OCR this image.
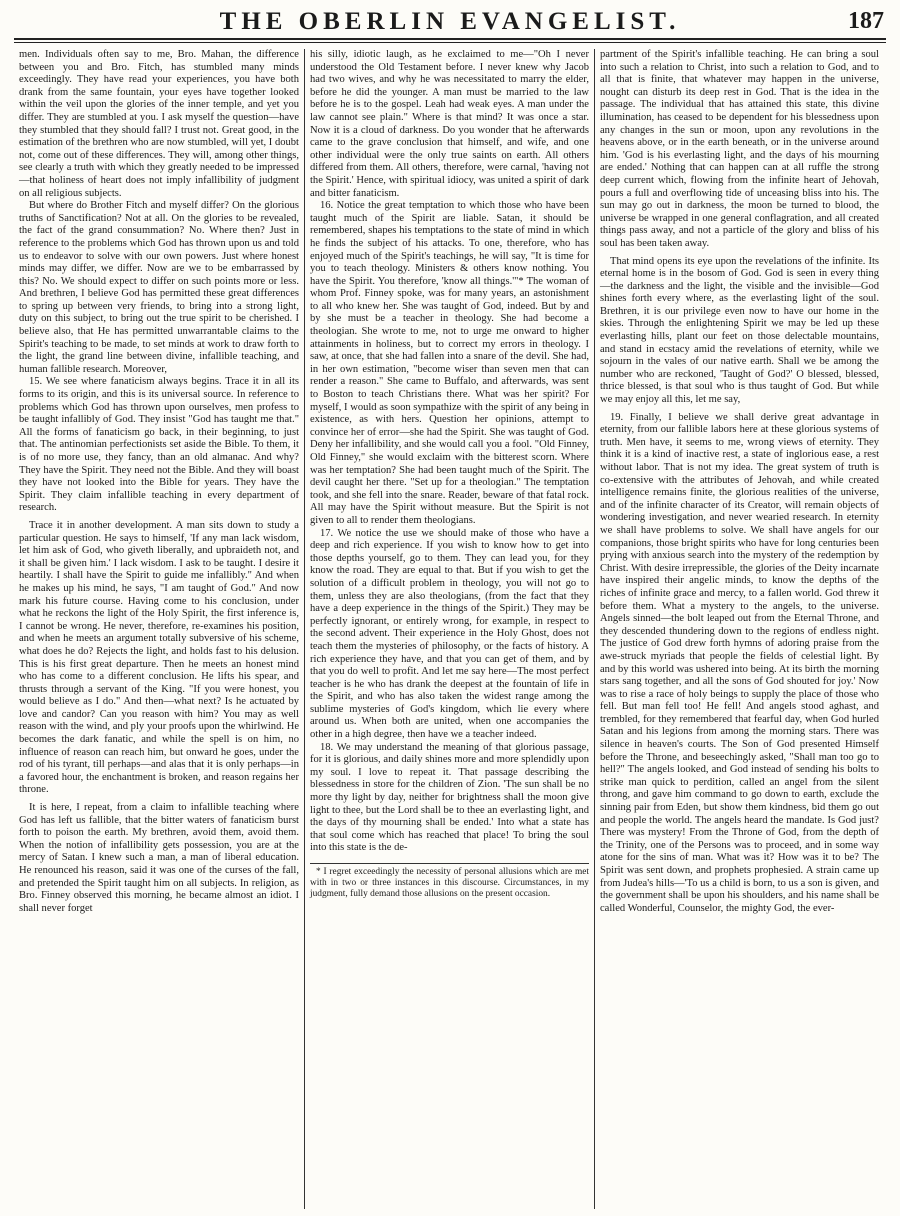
THE OBERLIN EVANGELIST.	187

men. Individuals often say to me, Bro. Mahan, the difference between you and Bro. Fitch, has stumbled many minds exceedingly. They have read your experiences, you have both drank from the same fountain, your eyes have together looked within the veil upon the glories of the inner temple, and yet you differ. They are stumbled at you. I ask myself the question—have they stumbled that they should fall? I trust not. Great good, in the estimation of the brethren who are now stumbled, will yet, I doubt not, come out of these differences. They will, among other things, see clearly a truth with which they greatly needed to be impressed—that holiness of heart does not imply infallibility of judgment on all religious subjects.

But where do Brother Fitch and myself differ? On the glorious truths of Sanctification? Not at all. On the glories to be revealed, the fact of the grand consummation? No. Where then? Just in reference to the problems which God has thrown upon us and told us to endeavor to solve with our own powers. Just where honest minds may differ, we differ. Now are we to be embarrassed by this? No. We should expect to differ on such points more or less. And brethren, I believe God has permitted these great differences to spring up between very friends, to bring into a strong light, duty on this subject, to bring out the true spirit to be cherished. I believe also, that He has permitted unwarrantable claims to the Spirit's teaching to be made, to set minds at work to draw forth to the light, the grand line between divine, infallible teaching, and human fallible research. Moreover,

15. We see where fanaticism always begins. Trace it in all its forms to its origin, and this is its universal source. In reference to problems which God has thrown upon ourselves, men profess to be taught infallibly of God. They insist "God has taught me that." All the forms of fanaticism go back, in their beginning, to just that. The antinomian perfectionists set aside the Bible. To them, it is of no more use, they fancy, than an old almanac. And why? They have the Spirit. They need not the Bible. And they will boast they have not looked into the Bible for years. They have the Spirit. They claim infallible teaching in every department of research.

Trace it in another development. A man sits down to study a particular question. He says to himself, 'If any man lack wisdom, let him ask of God, who giveth liberally, and upbraideth not, and it shall be given him.' I lack wisdom. I ask to be taught. I desire it heartily. I shall have the Spirit to guide me infallibly." And when he makes up his mind, he says, "I am taught of God." And now mark his future course. Having come to his conclusion, under what he reckons the light of the Holy Spirit, the first inference is, I cannot be wrong. He never, therefore, re-examines his position, and when he meets an argument totally subversive of his scheme, what does he do? Rejects the light, and holds fast to his delusion. This is his first great departure. Then he meets an honest mind who has come to a different conclusion. He lifts his spear, and thrusts through a servant of the King. "If you were honest, you would believe as I do." And then—what next? Is he actuated by love and candor? Can you reason with him? You may as well reason with the wind, and ply your proofs upon the whirlwind. He becomes the dark fanatic, and while the spell is on him, no influence of reason can reach him, but onward he goes, under the rod of his tyrant, till perhaps—and alas that it is only perhaps—in a favored hour, the enchantment is broken, and reason regains her throne.

It is here, I repeat, from a claim to infallible teaching where God has left us fallible, that the bitter waters of fanaticism burst forth to poison the earth. My brethren, avoid them, avoid them. When the notion of infallibility gets possession, you are at the mercy of Satan. I knew such a man, a man of liberal education. He renounced his reason, said it was one of the curses of the fall, and pretended the Spirit taught him on all subjects. In religion, as Bro. Finney observed this morning, he became almost an idiot. I shall never forget

his silly, idiotic laugh, as he exclaimed to me—"Oh I never understood the Old Testament before. I never knew why Jacob had two wives, and why he was necessitated to marry the elder, before he did the younger. A man must be married to the law before he is to the gospel. Leah had weak eyes. A man under the law cannot see plain." Where is that mind? It was once a star. Now it is a cloud of darkness. Do you wonder that he afterwards came to the grave conclusion that himself, and wife, and one other individual were the only true saints on earth. All others differed from them. All others, therefore, were carnal, 'having not the Spirit.' Hence, with spiritual idiocy, was united a spirit of dark and bitter fanaticism.

16. Notice the great temptation to which those who have been taught much of the Spirit are liable. Satan, it should be remembered, shapes his temptations to the state of mind in which he finds the subject of his attacks. To one, therefore, who has enjoyed much of the Spirit's teachings, he will say, "It is time for you to teach theology. Ministers & others know nothing. You have the Spirit. You therefore, 'know all things.'"* The woman of whom Prof. Finney spoke, was for many years, an astonishment to all who knew her. She was taught of God, indeed. But by and by she must be a teacher in theology. She had become a theologian. She wrote to me, not to urge me onward to higher attainments in holiness, but to correct my errors in theology. I saw, at once, that she had fallen into a snare of the devil. She had, in her own estimation, "become wiser than seven men that can render a reason." She came to Buffalo, and afterwards, was sent to Boston to teach Christians there. What was her spirit? For myself, I would as soon sympathize with the spirit of any being in existence, as with hers. Question her opinions, attempt to convince her of error—she had the Spirit. She was taught of God. Deny her infallibility, and she would call you a fool. "Old Finney, Old Finney," she would exclaim with the bitterest scorn. Where was her temptation? She had been taught much of the Spirit. The devil caught her there. "Set up for a theologian." The temptation took, and she fell into the snare. Reader, beware of that fatal rock. All may have the Spirit without measure. But the Spirit is not given to all to render them theologians.

17. We notice the use we should make of those who have a deep and rich experience. If you wish to know how to get into those depths yourself, go to them. They can lead you, for they know the road. They are equal to that. But if you wish to get the solution of a difficult problem in theology, you will not go to them, unless they are also theologians, (from the fact that they have a deep experience in the things of the Spirit.) They may be perfectly ignorant, or entirely wrong, for example, in respect to the second advent. Their experience in the Holy Ghost, does not teach them the mysteries of philosophy, or the facts of history. A rich experience they have, and that you can get of them, and by that you do well to profit. And let me say here—The most perfect teacher is he who has drank the deepest at the fountain of life in the Spirit, and who has also taken the widest range among the sublime mysteries of God's kingdom, which lie every where around us. When both are united, when one accompanies the other in a high degree, then have we a teacher indeed.

18. We may understand the meaning of that glorious passage, for it is glorious, and daily shines more and more splendidly upon my soul. I love to repeat it. That passage describing the blessedness in store for the children of Zion. 'The sun shall be no more thy light by day, neither for brightness shall the moon give light to thee, but the Lord shall be to thee an everlasting light, and the days of thy mourning shall be ended.' Into what a state has that soul come which has reached that place! To bring the soul into this state is the de-

* I regret exceedingly the necessity of personal allusions which are met with in two or three instances in this discourse. Circumstances, in my judgment, fully demand those allusions on the present occasion.

partment of the Spirit's infallible teaching. He can bring a soul into such a relation to Christ, into such a relation to God, and to all that is finite, that whatever may happen in the universe, nought can disturb its deep rest in God. That is the idea in the passage. The individual that has attained this state, this divine illumination, has ceased to be dependent for his blessedness upon any changes in the sun or moon, upon any revolutions in the heavens above, or in the earth beneath, or in the universe around him. 'God is his everlasting light, and the days of his mourning are ended.' Nothing that can happen can at all ruffle the strong deep current which, flowing from the infinite heart of Jehovah, pours a full and overflowing tide of unceasing bliss into his. The sun may go out in darkness, the moon be turned to blood, the universe be wrapped in one general conflagration, and all created things pass away, and not a particle of the glory and bliss of his soul has been taken away.

That mind opens its eye upon the revelations of the infinite. Its eternal home is in the bosom of God. God is seen in every thing—the darkness and the light, the visible and the invisible—God shines forth every where, as the everlasting light of the soul. Brethren, it is our privilege even now to have our home in the skies. Through the enlightening Spirit we may be led up these everlasting hills, plant our feet on those delectable mountains, and stand in ecstacy amid the revelations of eternity, while we sojourn in the vales of our native earth. Shall we be among the number who are reckoned, 'Taught of God?' O blessed, blessed, thrice blessed, is that soul who is thus taught of God. But while we may enjoy all this, let me say,

19. Finally, I believe we shall derive great advantage in eternity, from our fallible labors here at these glorious systems of truth. Men have, it seems to me, wrong views of eternity. They think it is a kind of inactive rest, a state of inglorious ease, a rest without labor. That is not my idea. The great system of truth is co-extensive with the attributes of Jehovah, and while created intelligence remains finite, the glorious realities of the universe, and of the infinite character of its Creator, will remain objects of wondering investigation, and never wearied research. In eternity we shall have problems to solve. We shall have angels for our companions, those bright spirits who have for long centuries been prying with anxious search into the mystery of the redemption by Christ. With desire irrepressible, the glories of the Deity incarnate have inspired their angelic minds, to know the depths of the riches of infinite grace and mercy, to a fallen world. God threw it before them. What a mystery to the angels, to the universe. Angels sinned—the bolt leaped out from the Eternal Throne, and they descended thundering down to the regions of endless night. The justice of God drew forth hymns of adoring praise from the awe-struck myriads that people the fields of celestial light. By and by this world was ushered into being. At its birth the morning stars sang together, and all the sons of God shouted for joy.' Now was to rise a race of holy beings to supply the place of those who fell. But man fell too! He fell! And angels stood aghast, and trembled, for they remembered that fearful day, when God hurled Satan and his legions from among the morning stars. There was silence in heaven's courts. The Son of God presented Himself before the Throne, and beseechingly asked, "Shall man too go to hell?" The angels looked, and God instead of sending his bolts to strike man quick to perdition, called an angel from the silent throng, and gave him command to go down to earth, exclude the sinning pair from Eden, but show them kindness, bid them go out and people the world. The angels heard the mandate. Is God just? There was mystery! From the Throne of God, from the depth of the Trinity, one of the Persons was to proceed, and in some way atone for the sins of man. What was it? How was it to be? The Spirit was sent down, and prophets prophesied. A strain came up from Judea's hills—'To us a child is born, to us a son is given, and the government shall be upon his shoulders, and his name shall be called Wonderful, Counselor, the mighty God, the ever-
